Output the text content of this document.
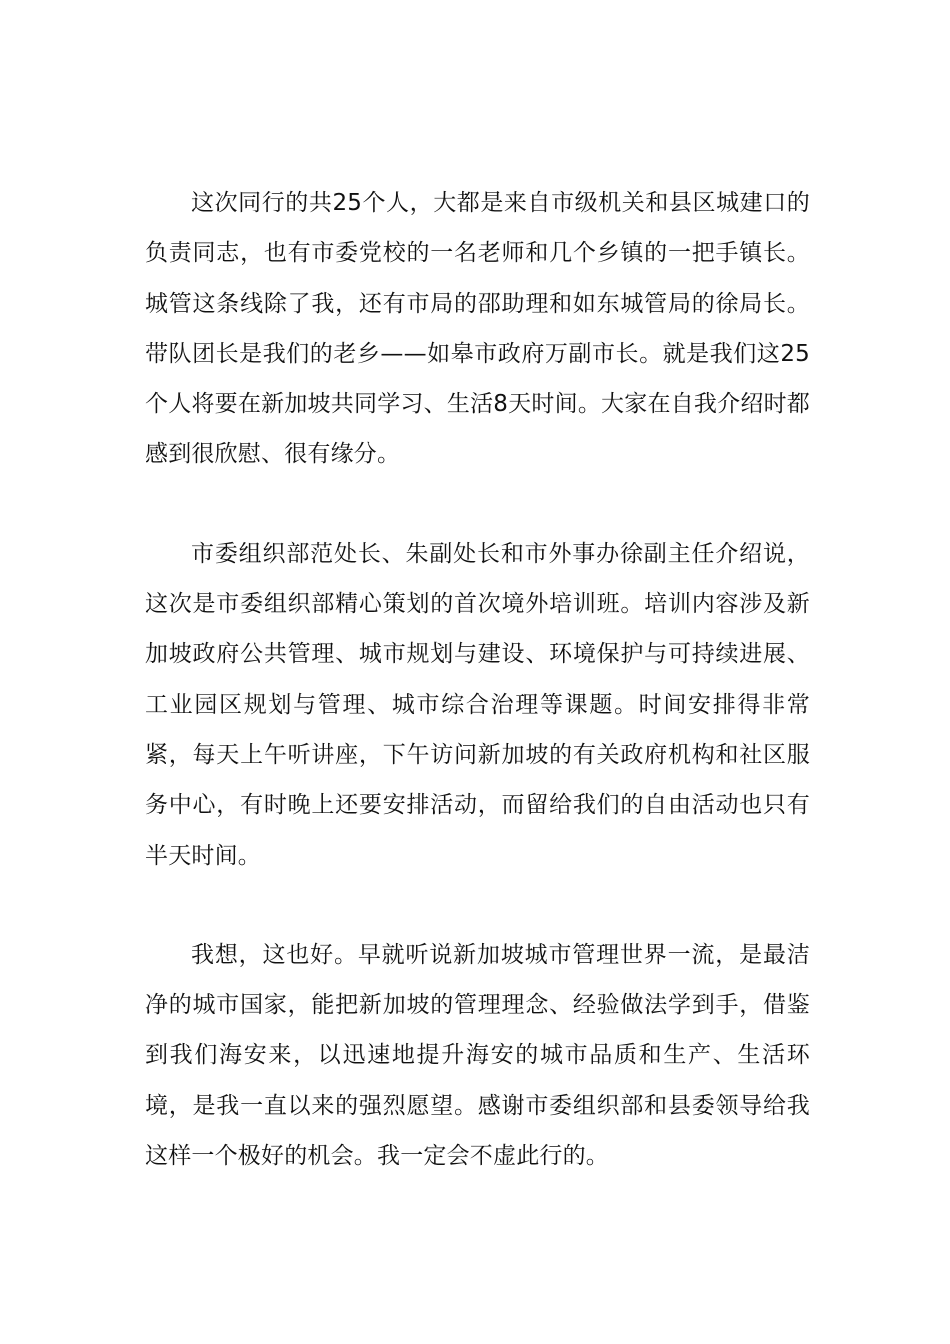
这次同行的共25个人，大都是来自市级机关和县区城建口的负责同志，也有市委党校的一名老师和几个乡镇的一把手镇长。城管这条线除了我，还有市局的邵助理和如东城管局的徐局长。带队团长是我们的老乡——如皋市政府万副市长。就是我们这25个人将要在新加坡共同学习、生活8天时间。大家在自我介绍时都感到很欣慰、很有缘分。

市委组织部范处长、朱副处长和市外事办徐副主任介绍说，这次是市委组织部精心策划的首次境外培训班。培训内容涉及新加坡政府公共管理、城市规划与建设、环境保护与可持续进展、工业园区规划与管理、城市综合治理等课题。时间安排得非常紧，每天上午听讲座，下午访问新加坡的有关政府机构和社区服务中心，有时晚上还要安排活动，而留给我们的自由活动也只有半天时间。

我想，这也好。早就听说新加坡城市管理世界一流，是最洁净的城市国家，能把新加坡的管理理念、经验做法学到手，借鉴到我们海安来，以迅速地提升海安的城市品质和生产、生活环境，是我一直以来的强烈愿望。感谢市委组织部和县委领导给我这样一个极好的机会。我一定会不虚此行的。
